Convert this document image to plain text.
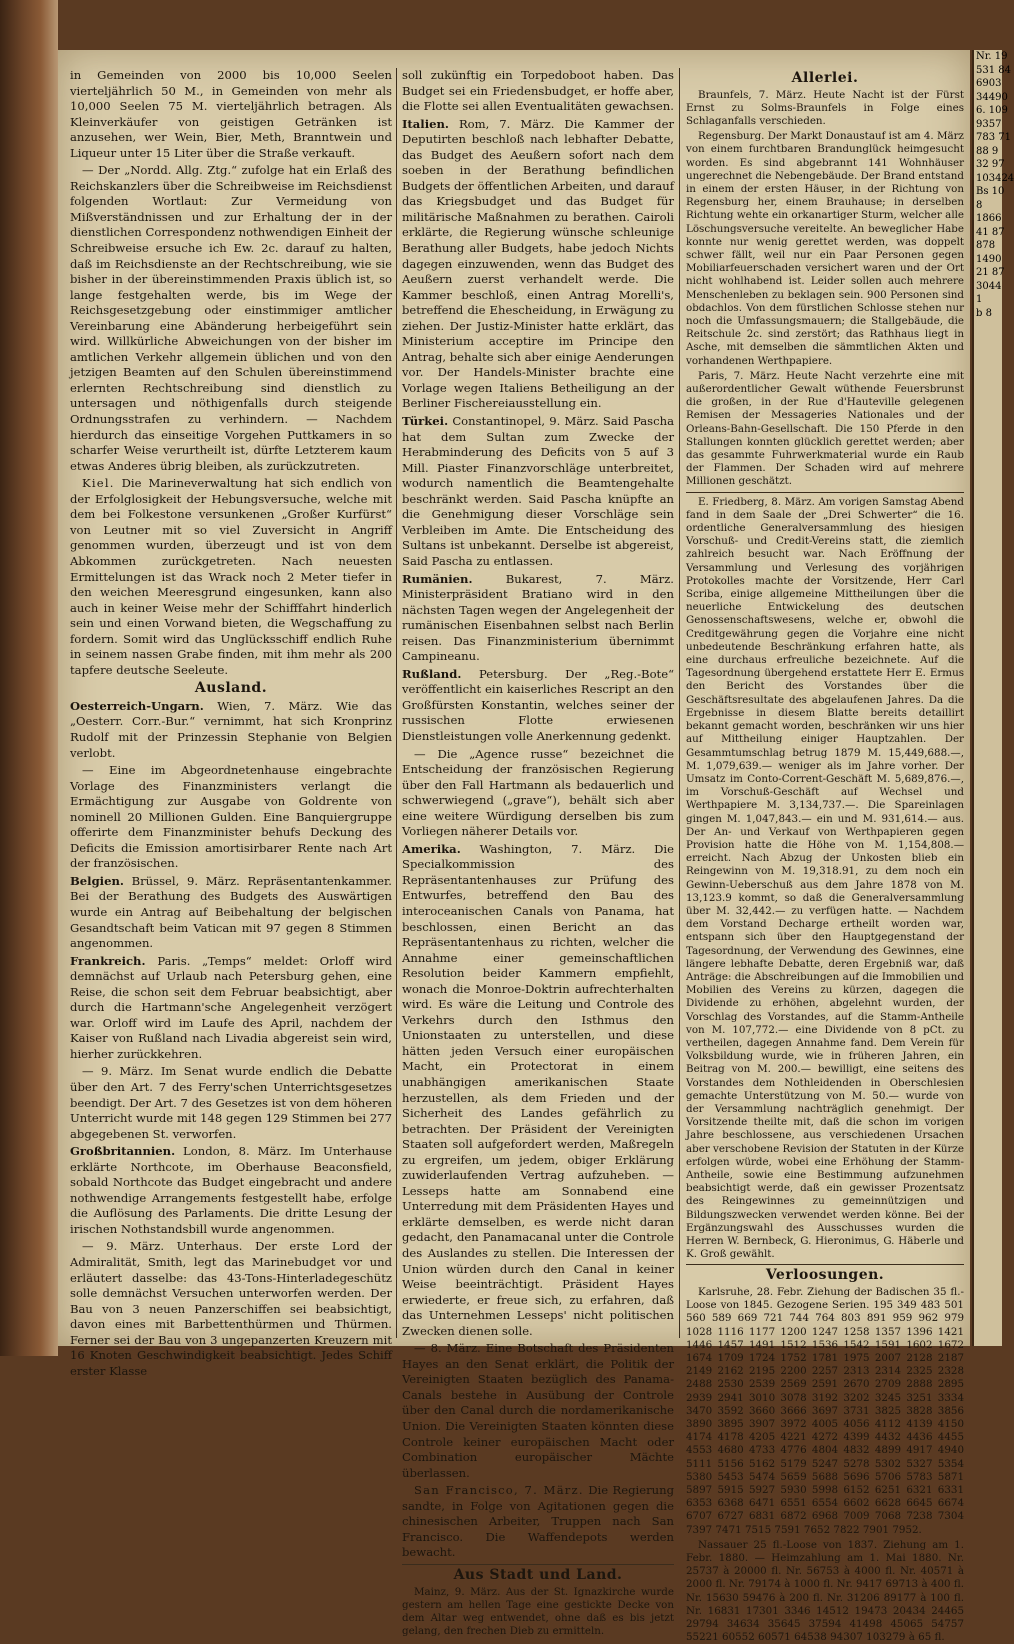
in Gemeinden von 2000 bis 10,000 Seelen vierteljährlich 50 M., in Gemeinden von mehr als 10,000 Seelen 75 M. vierteljährlich betragen. Als Kleinverkäufer von geistigen Getränken ist anzusehen, wer Wein, Bier, Meth, Branntwein und Liqueur unter 15 Liter über die Straße verkauft.

— Der „Nordd. Allg. Ztg.“ zufolge hat ein Erlaß des Reichskanzlers über die Schreibweise im Reichsdienst folgenden Wortlaut: Zur Vermeidung von Mißverständnissen und zur Erhaltung der in der dienstlichen Correspondenz nothwendigen Einheit der Schreibweise ersuche ich Ew. 2c. darauf zu halten, daß im Reichsdienste an der Rechtschreibung, wie sie bisher in der übereinstimmenden Praxis üblich ist, so lange festgehalten werde, bis im Wege der Reichsgesetzgebung oder einstimmiger amtlicher Vereinbarung eine Abänderung herbeigeführt sein wird. Willkürliche Abweichungen von der bisher im amtlichen Verkehr allgemein üblichen und von den jetzigen Beamten auf den Schulen übereinstimmend erlernten Rechtschreibung sind dienstlich zu untersagen und nöthigenfalls durch steigende Ordnungsstrafen zu verhindern. — Nachdem hierdurch das einseitige Vorgehen Puttkamers in so scharfer Weise verurtheilt ist, dürfte Letzterem kaum etwas Anderes übrig bleiben, als zurückzutreten.

Kiel. Die Marineverwaltung hat sich endlich von der Erfolglosigkeit der Hebungsversuche, welche mit dem bei Folkestone versunkenen „Großer Kurfürst“ von Leutner mit so viel Zuversicht in Angriff genommen wurden, überzeugt und ist von dem Abkommen zurückgetreten. Nach neuesten Ermittelungen ist das Wrack noch 2 Meter tiefer in den weichen Meeresgrund eingesunken, kann also auch in keiner Weise mehr der Schifffahrt hinderlich sein und einen Vorwand bieten, die Wegschaffung zu fordern. Somit wird das Unglücksschiff endlich Ruhe in seinem nassen Grabe finden, mit ihm mehr als 200 tapfere deutsche Seeleute.

Ausland.

Oesterreich-Ungarn. Wien, 7. März. Wie das „Oesterr. Corr.-Bur.“ vernimmt, hat sich Kronprinz Rudolf mit der Prinzessin Stephanie von Belgien verlobt.

— Eine im Abgeordnetenhause eingebrachte Vorlage des Finanzministers verlangt die Ermächtigung zur Ausgabe von Goldrente von nominell 20 Millionen Gulden. Eine Banquiergruppe offerirte dem Finanzminister behufs Deckung des Deficits die Emission amortisirbarer Rente nach Art der französischen.

Belgien. Brüssel, 9. März. Repräsentantenkammer. Bei der Berathung des Budgets des Auswärtigen wurde ein Antrag auf Beibehaltung der belgischen Gesandtschaft beim Vatican mit 97 gegen 8 Stimmen angenommen.

Frankreich. Paris. „Temps“ meldet: Orloff wird demnächst auf Urlaub nach Petersburg gehen, eine Reise, die schon seit dem Februar beabsichtigt, aber durch die Hartmann'sche Angelegenheit verzögert war. Orloff wird im Laufe des April, nachdem der Kaiser von Rußland nach Livadia abgereist sein wird, hierher zurückkehren.

— 9. März. Im Senat wurde endlich die Debatte über den Art. 7 des Ferry'schen Unterrichtsgesetzes beendigt. Der Art. 7 des Gesetzes ist von dem höheren Unterricht wurde mit 148 gegen 129 Stimmen bei 277 abgegebenen St. verworfen.

Großbritannien. London, 8. März. Im Unterhause erklärte Northcote, im Oberhause Beaconsfield, sobald Northcote das Budget eingebracht und andere nothwendige Arrangements festgestellt habe, erfolge die Auflösung des Parlaments. Die dritte Lesung der irischen Nothstandsbill wurde angenommen.

— 9. März. Unterhaus. Der erste Lord der Admiralität, Smith, legt das Marinebudget vor und erläutert dasselbe: das 43-Tons-Hinterladegeschütz solle demnächst Versuchen unterworfen werden. Der Bau von 3 neuen Panzerschiffen sei beabsichtigt, davon eines mit Barbettenthürmen und Thürmen. Ferner sei der Bau von 3 ungepanzerten Kreuzern mit 16 Knoten Geschwindigkeit beabsichtigt. Jedes Schiff erster Klasse

soll zukünftig ein Torpedoboot haben. Das Budget sei ein Friedensbudget, er hoffe aber, die Flotte sei allen Eventualitäten gewachsen.

Italien. Rom, 7. März. Die Kammer der Deputirten beschloß nach lebhafter Debatte, das Budget des Aeußern sofort nach dem soeben in der Berathung befindlichen Budgets der öffentlichen Arbeiten, und darauf das Kriegsbudget und das Budget für militärische Maßnahmen zu berathen. Cairoli erklärte, die Regierung wünsche schleunige Berathung aller Budgets, habe jedoch Nichts dagegen einzuwenden, wenn das Budget des Aeußern zuerst verhandelt werde. Die Kammer beschloß, einen Antrag Morelli's, betreffend die Ehescheidung, in Erwägung zu ziehen. Der Justiz-Minister hatte erklärt, das Ministerium acceptire im Principe den Antrag, behalte sich aber einige Aenderungen vor. Der Handels-Minister brachte eine Vorlage wegen Italiens Betheiligung an der Berliner Fischereiausstellung ein.

Türkei. Constantinopel, 9. März. Said Pascha hat dem Sultan zum Zwecke der Herabminderung des Deficits von 5 auf 3 Mill. Piaster Finanzvorschläge unterbreitet, wodurch namentlich die Beamtengehalte beschränkt werden. Said Pascha knüpfte an die Genehmigung dieser Vorschläge sein Verbleiben im Amte. Die Entscheidung des Sultans ist unbekannt. Derselbe ist abgereist, Said Pascha zu entlassen.

Rumänien.	Bukarest, 7. März. Ministerpräsident Bratiano wird in den nächsten Tagen wegen der Angelegenheit der rumänischen Eisenbahnen selbst nach Berlin reisen. Das Finanzministerium übernimmt Campineanu.

Rußland. Petersburg. Der „Reg.-Bote“ veröffentlicht ein kaiserliches Rescript an den Großfürsten Konstantin, welches seiner der russischen Flotte erwiesenen Dienstleistungen volle Anerkennung gedenkt.

— Die „Agence russe“ bezeichnet die Entscheidung der französischen Regierung über den Fall Hartmann als bedauerlich und schwerwiegend („grave“), behält sich aber eine weitere Würdigung derselben bis zum Vorliegen näherer Details vor.

Amerika. Washington, 7. März. Die Specialkommission des Repräsentantenhauses zur Prüfung des Entwurfes, betreffend den Bau des interoceanischen Canals von Panama, hat beschlossen, einen Bericht an das Repräsentantenhaus zu richten, welcher die Annahme einer gemeinschaftlichen Resolution beider Kammern empfiehlt, wonach die Monroe-Doktrin aufrechterhalten wird. Es wäre die Leitung und Controle des Verkehrs durch den Isthmus den Unionstaaten zu unterstellen, und diese hätten jeden Versuch einer europäischen Macht, ein Protectorat in einem unabhängigen amerikanischen Staate herzustellen, als dem Frieden und der Sicherheit des Landes gefährlich zu betrachten. Der Präsident der Vereinigten Staaten soll aufgefordert werden, Maßregeln zu ergreifen, um jedem, obiger Erklärung zuwiderlaufenden Vertrag aufzuheben. — Lesseps hatte am Sonnabend eine Unterredung mit dem Präsidenten Hayes und erklärte demselben, es werde nicht daran gedacht, den Panamacanal unter die Controle des Auslandes zu stellen. Die Interessen der Union würden durch den Canal in keiner Weise beeinträchtigt. Präsident Hayes erwiederte, er freue sich, zu erfahren, daß das Unternehmen Lesseps' nicht politischen Zwecken dienen solle.

— 8. März. Eine Botschaft des Präsidenten Hayes an den Senat erklärt, die Politik der Vereinigten Staaten bezüglich des Panama-Canals bestehe in Ausübung der Controle über den Canal durch die nordamerikanische Union. Die Vereinigten Staaten könnten diese Controle keiner europäischen Macht oder Combination europäischer Mächte überlassen.

San Francisco, 7. März. Die Regierung sandte, in Folge von Agitationen gegen die chinesischen Arbeiter, Truppen nach San Francisco. Die Waffendepots werden bewacht.

Aus Stadt und Land.

Mainz, 9. März. Aus der St. Ignazkirche wurde gestern am hellen Tage eine gestickte Decke von dem Altar weg entwendet, ohne daß es bis jetzt gelang, den frechen Dieb zu ermitteln.

Allerlei.

Braunfels, 7. März. Heute Nacht ist der Fürst Ernst zu Solms-Braunfels in Folge eines Schlaganfalls verschieden.

Regensburg. Der Markt Donaustauf ist am 4. März von einem furchtbaren Brandunglück heimgesucht worden. Es sind abgebrannt 141 Wohnhäuser ungerechnet die Nebengebäude. Der Brand entstand in einem der ersten Häuser, in der Richtung von Regensburg her, einem Brauhause; in derselben Richtung wehte ein orkanartiger Sturm, welcher alle Löschungsversuche vereitelte. An beweglicher Habe konnte nur wenig gerettet werden, was doppelt schwer fällt, weil nur ein Paar Personen gegen Mobiliarfeuerschaden versichert waren und der Ort nicht wohlhabend ist. Leider sollen auch mehrere Menschenleben zu beklagen sein. 900 Personen sind obdachlos. Von dem fürstlichen Schlosse stehen nur noch die Umfassungsmauern; die Stallgebäude, die Reitschule 2c. sind zerstört; das Rathhaus liegt in Asche, mit demselben die sämmtlichen Akten und vorhandenen Werthpapiere.

Paris, 7. März. Heute Nacht verzehrte eine mit außerordentlicher Gewalt wüthende Feuersbrunst die großen, in der Rue d'Hauteville gelegenen Remisen der Messageries Nationales und der Orleans-Bahn-Gesellschaft. Die 150 Pferde in den Stallungen konnten glücklich gerettet werden; aber das gesammte Fuhrwerkmaterial wurde ein Raub der Flammen. Der Schaden wird auf mehrere Millionen geschätzt.

E. Friedberg, 8. März. Am vorigen Samstag Abend fand in dem Saale der „Drei Schwerter“ die 16. ordentliche Generalversammlung des hiesigen Vorschuß- und Credit-Vereins statt, die ziemlich zahlreich besucht war. Nach Eröffnung der Versammlung und Verlesung des vorjährigen Protokolles machte der Vorsitzende, Herr Carl Scriba, einige allgemeine Mittheilungen über die neuerliche Entwickelung des deutschen Genossenschaftswesens, welche er, obwohl die Creditgewährung gegen die Vorjahre eine nicht unbedeutende Beschränkung erfahren hatte, als eine durchaus erfreuliche bezeichnete. Auf die Tagesordnung übergehend erstattete Herr E. Ermus den Bericht des Vorstandes über die Geschäftsresultate des abgelaufenen Jahres. Da die Ergebnisse in diesem Blatte bereits detaillirt bekannt gemacht worden, beschränken wir uns hier auf Mittheilung einiger Hauptzahlen. Der Gesammtumschlag betrug 1879 M. 15,449,688.—, M. 1,079,639.— weniger als im Jahre vorher. Der Umsatz im Conto-Corrent-Geschäft M. 5,689,876.—, im Vorschuß-Geschäft auf Wechsel und Werthpapiere M. 3,134,737.—. Die Spareinlagen gingen M. 1,047,843.— ein und M. 931,614.— aus. Der An- und Verkauf von Werthpapieren gegen Provision hatte die Höhe von M. 1,154,808.— erreicht. Nach Abzug der Unkosten blieb ein Reingewinn von M. 19,318.91, zu dem noch ein Gewinn-Ueberschuß aus dem Jahre 1878 von M. 13,123.9 kommt, so daß die Generalversammlung über M. 32,442.— zu verfügen hatte. — Nachdem dem Vorstand Decharge ertheilt worden war, entspann sich über den Hauptgegenstand der Tagesordnung, der Verwendung des Gewinnes, eine längere lebhafte Debatte, deren Ergebniß war, daß Anträge: die Abschreibungen auf die Immobilien und Mobilien des Vereins zu kürzen, dagegen die Dividende zu erhöhen, abgelehnt wurden, der Vorschlag des Vorstandes, auf die Stamm-Antheile von M. 107,772.— eine Dividende von 8 pCt. zu vertheilen, dagegen Annahme fand. Dem Verein für Volksbildung wurde, wie in früheren Jahren, ein Beitrag von M. 200.— bewilligt, eine seitens des Vorstandes dem Nothleidenden in Oberschlesien gemachte Unterstützung von M. 50.— wurde von der Versammlung nachträglich genehmigt. Der Vorsitzende theilte mit, daß die schon im vorigen Jahre beschlossene, aus verschiedenen Ursachen aber verschobene Revision der Statuten in der Kürze erfolgen würde, wobei eine Erhöhung der Stamm-Antheile, sowie eine Bestimmung aufzunehmen beabsichtigt werde, daß ein gewisser Prozentsatz des Reingewinnes zu gemeinnützigen und Bildungszwecken verwendet werden könne. Bei der Ergänzungswahl des Ausschusses wurden die Herren W. Bernbeck, G. Hieronimus, G. Häberle und K. Groß gewählt.

Verloosungen.

Karlsruhe, 28. Febr. Ziehung der Badischen 35 fl.-Loose von 1845. Gezogene Serien. 195 349 483 501 560 589 669 721 744 764 803 891 959 962 979 1028 1116 1177 1200 1247 1258 1357 1396 1421 1446 1457 1491 1512 1536 1542 1591 1602 1672 1674 1709 1724 1752 1781 1975 2007 2128 2187 2149 2162 2195 2200 2257 2313 2314 2325 2328 2488 2530 2539 2569 2591 2670 2709 2888 2895 2939 2941 3010 3078 3192 3202 3245 3251 3334 3470 3592 3660 3666 3697 3731 3825 3828 3856 3890 3895 3907 3972 4005 4056 4112 4139 4150 4174 4178 4205 4221 4272 4399 4432 4436 4455 4553 4680 4733 4776 4804 4832 4899 4917 4940 5111 5156 5162 5179 5247 5278 5302 5327 5354 5380 5453 5474 5659 5688 5696 5706 5783 5871 5897 5915 5927 5930 5998 6152 6251 6321 6331 6353 6368 6471 6551 6554 6602 6628 6645 6674 6707 6727 6831 6872 6968 7009 7068 7238 7304 7397 7471 7515 7591 7652 7822 7901 7952.

Nassauer 25 fl.-Loose von 1837. Ziehung am 1. Febr. 1880. — Heimzahlung am 1. Mai 1880. Nr. 25737 à 20000 fl. Nr. 56753 à 4000 fl. Nr. 40571 à 2000 fl. Nr. 79174 à 1000 fl. Nr. 9417 69713 à 400 fl. Nr. 15630 59476 à 200 fl. Nr. 31206 89177 à 100 fl. Nr. 16831 17301 3346 14512 19473 20434 24465 29794 34634 35645 37594 41498 45065 54757 55221 60552 60571 64538 94307 103279 à 65 fl.

Nr. 19
531 84
6903
34490
6. 109
9357
783 71
88 9
32 97
103424
Bs 10
8
1866
41 87
878
1490
21 87
3044
1
b 8
